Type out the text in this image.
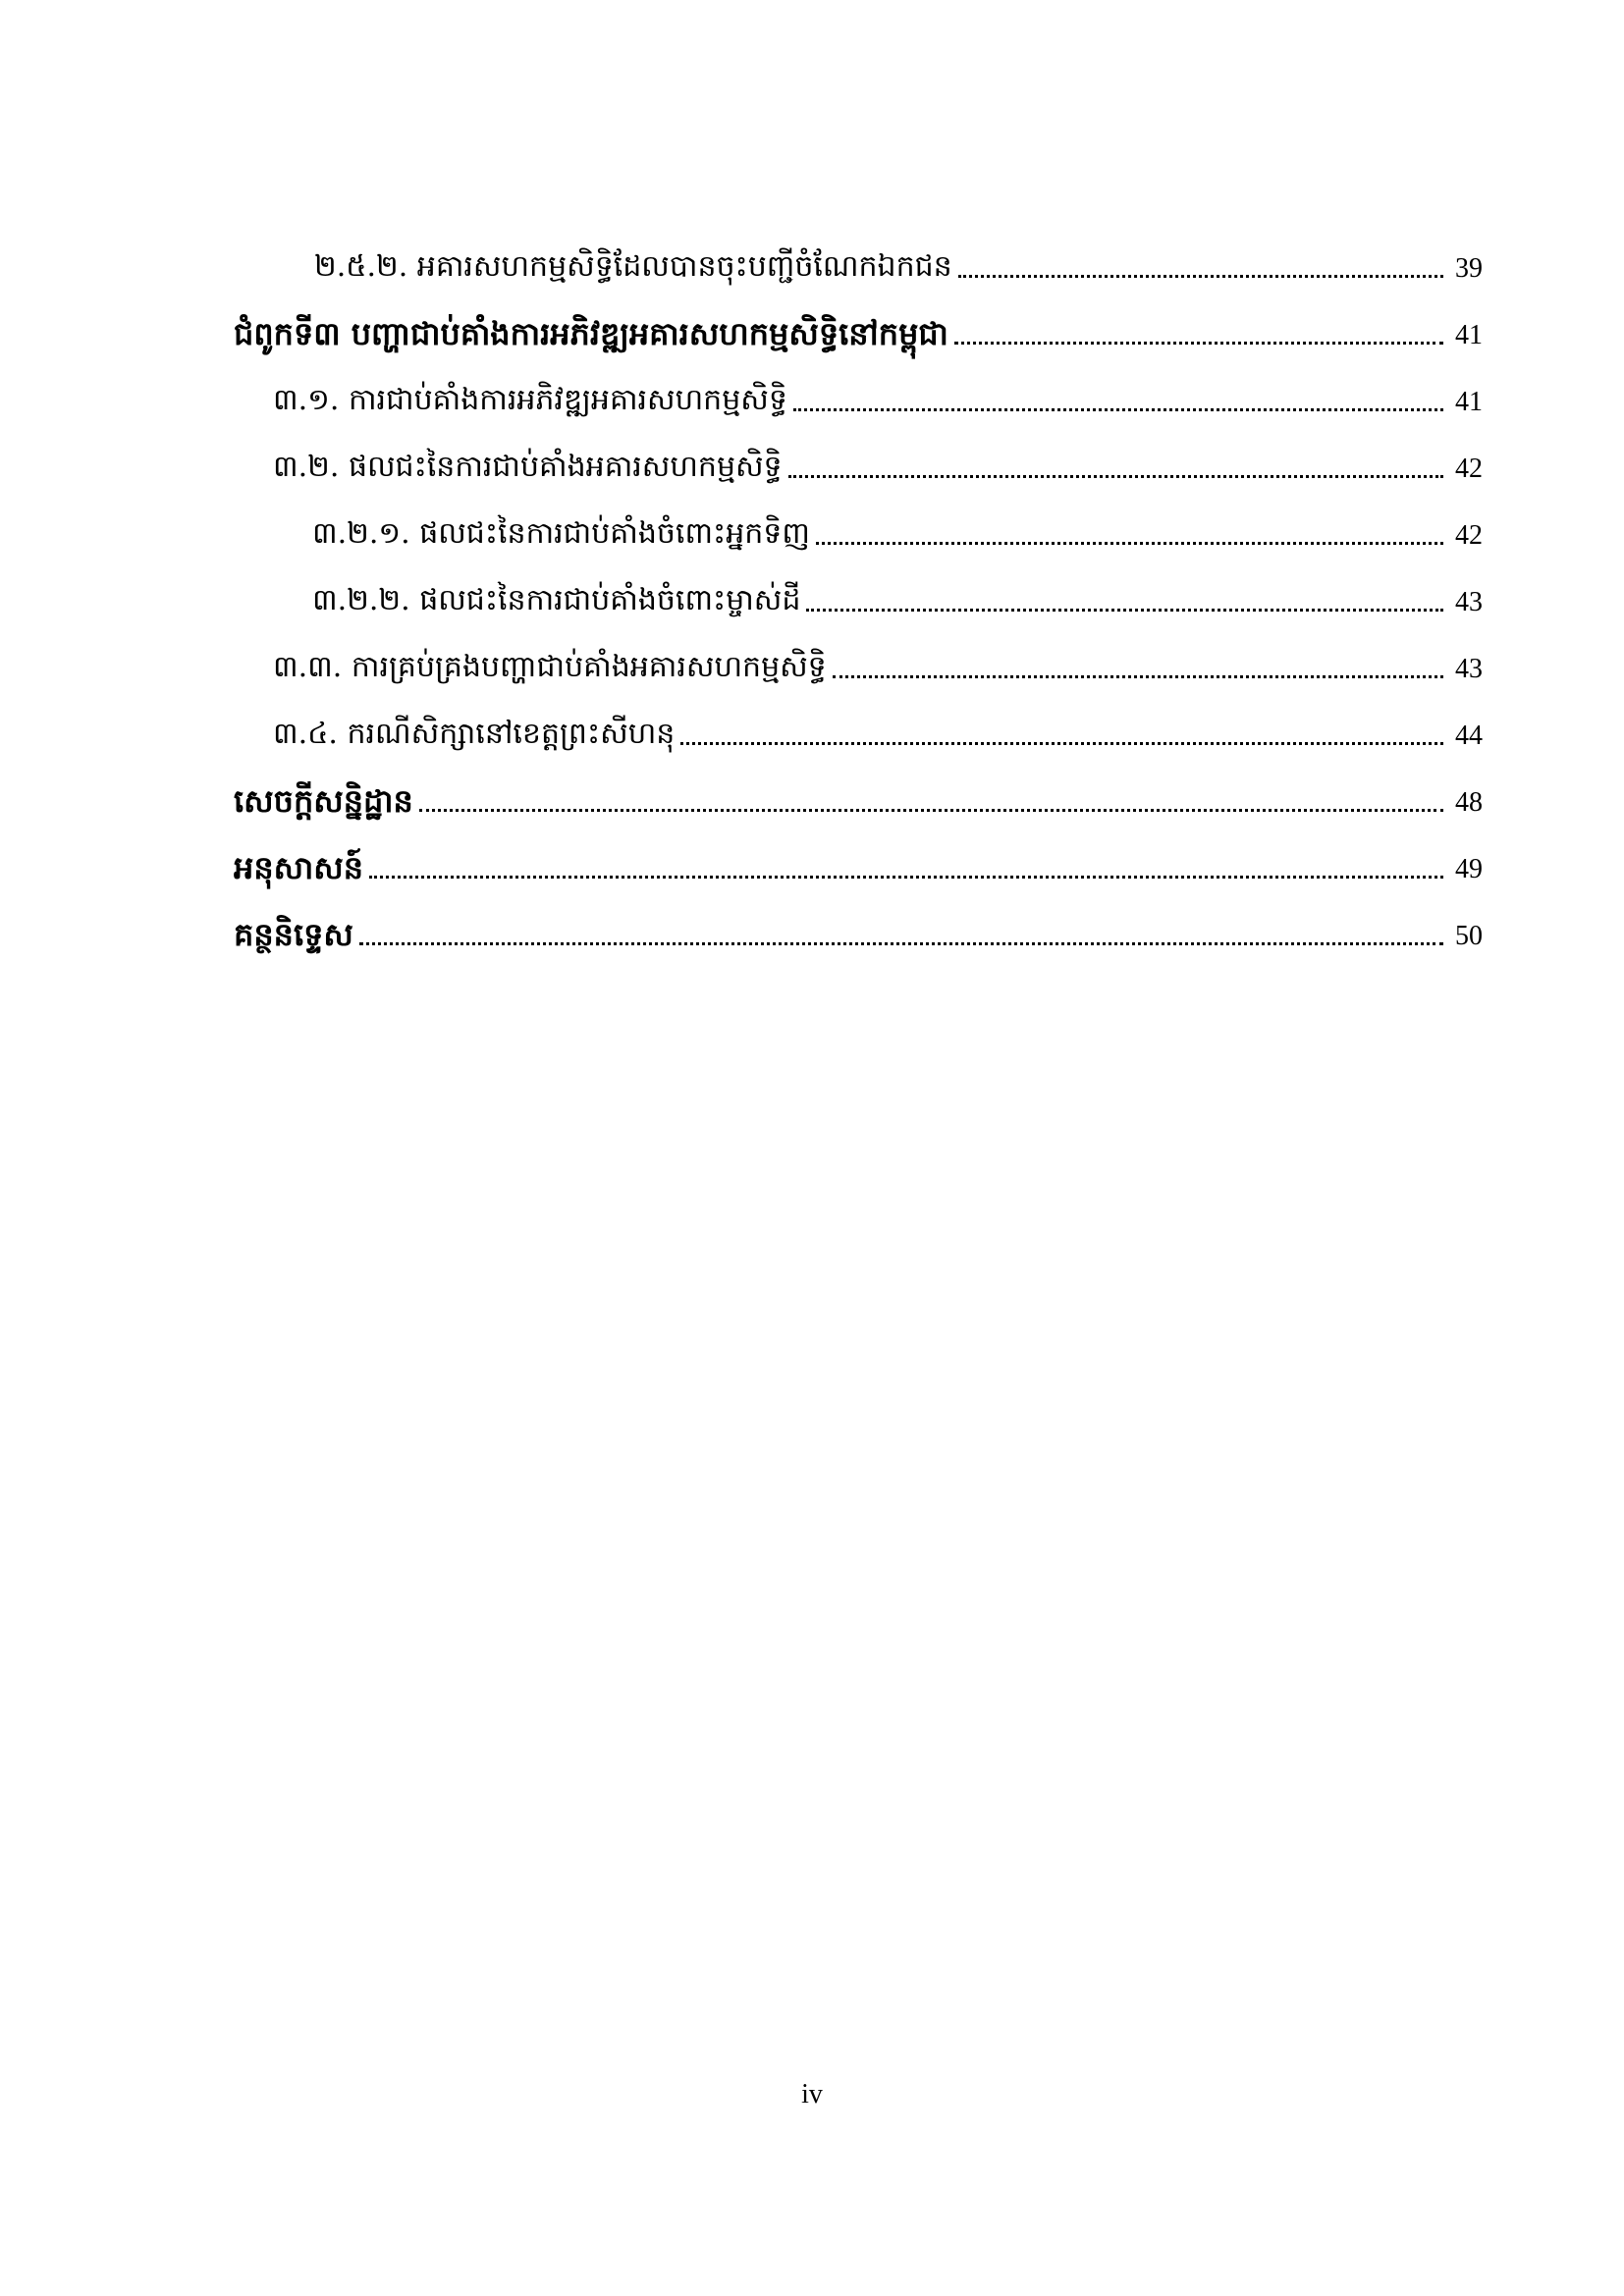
២.៥.២. អគារសហកម្មសិទ្ធិដែលបានចុះបញ្ជីចំណែកឯកជន	39
ជំពូកទី៣ បញ្ហាជាប់គាំងការអភិវឌ្ឍអគារសហកម្មសិទ្ធិនៅកម្ពុជា	41
៣.១. ការជាប់គាំងការអភិវឌ្ឍអគារសហកម្មសិទ្ធិ	41
៣.២. ផលជះនៃការជាប់គាំងអគារសហកម្មសិទ្ធិ	42
៣.២.១. ផលជះនៃការជាប់គាំងចំពោះអ្នកទិញ	42
៣.២.២. ផលជះនៃការជាប់គាំងចំពោះម្ចាស់ដី	43
៣.៣. ការគ្រប់គ្រងបញ្ហាជាប់គាំងអគារសហកម្មសិទ្ធិ	43
៣.៤. ករណីសិក្សានៅខេត្តព្រះសីហនុ	44
សេចក្តីសន្និដ្ឋាន	48
អនុសាសន៍	49
គន្ថនិទ្ទេស	50
iv
